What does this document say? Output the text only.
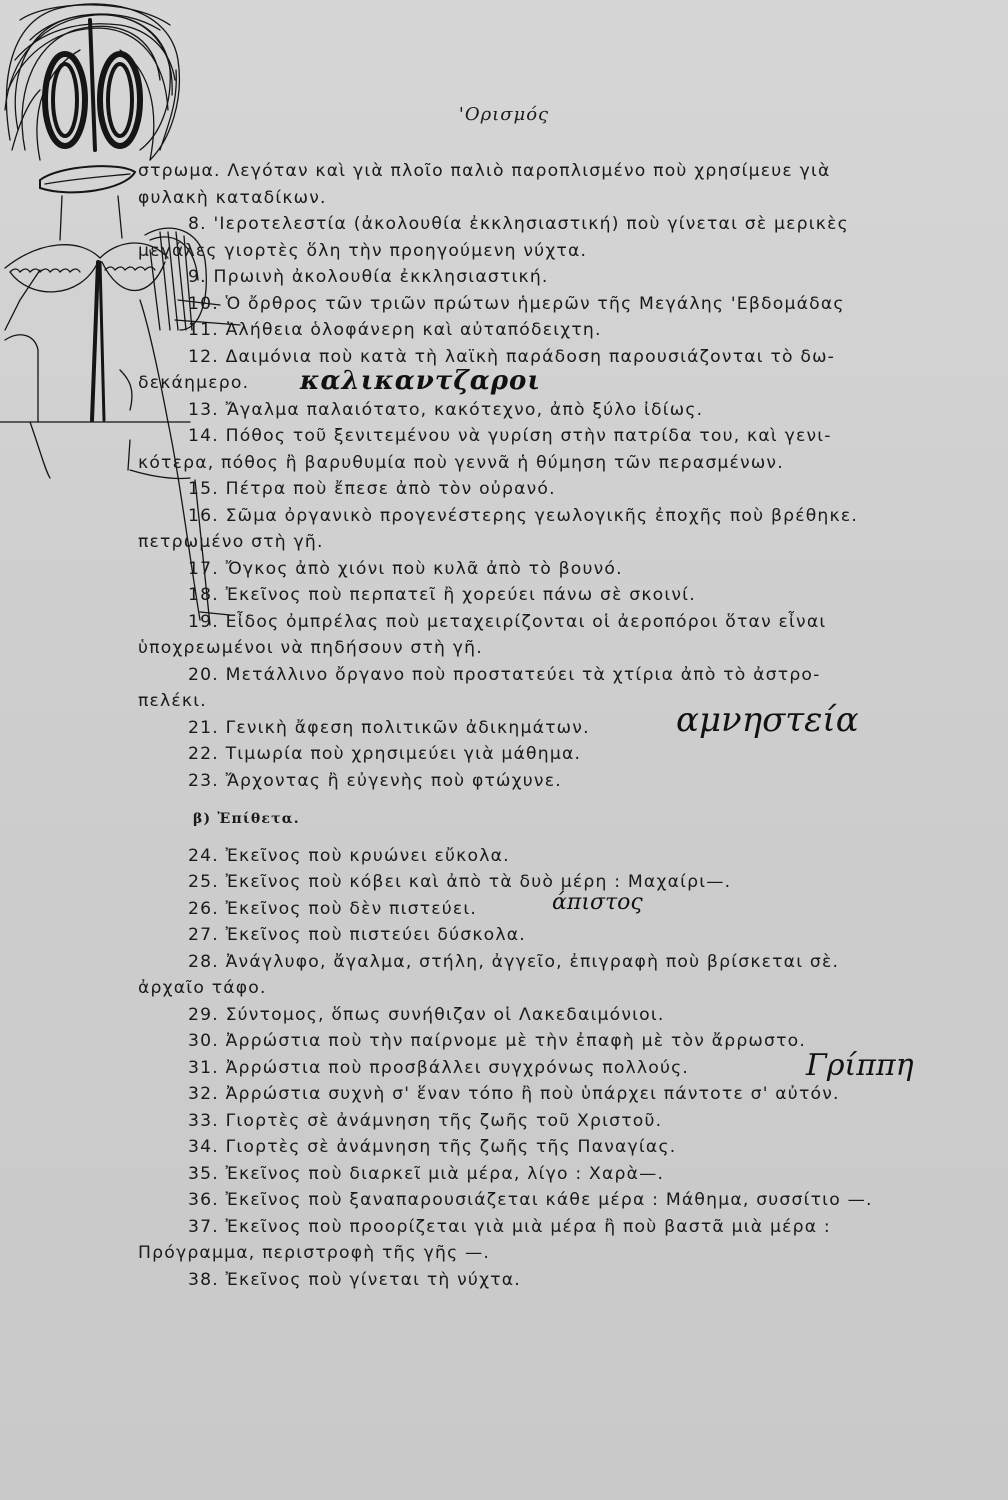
'Ορισμός
στρωμα. Λεγόταν καὶ γιὰ πλοῖο παλιὸ παροπλισμένο ποὺ χρησίμευε γιὰ
φυλακὴ καταδίκων.
8. 'Ιεροτελεστία (ἀκολουθία ἐκκλησιαστική) ποὺ γίνεται σὲ μερικὲς
μεγάλες γιορτὲς ὅλη τὴν προηγούμενη νύχτα.
9. Πρωινὴ ἀκολουθία ἐκκλησιαστική.
10. Ὁ ὄρθρος τῶν τριῶν πρώτων ἡμερῶν τῆς Μεγάλης 'Εβδομάδας
11. Ἀλήθεια ὁλοφάνερη καὶ αὐταπόδειχτη.
12. Δαιμόνια ποὺ κατὰ τὴ λαϊκὴ παράδοση παρουσιάζονται τὸ δω-
δεκάημερο.
13. Ἄγαλμα παλαιότατο, κακότεχνο, ἀπὸ ξύλο ἰδίως.
14. Πόθος τοῦ ξενιτεμένου νὰ γυρίση στὴν πατρίδα του, καὶ γενι-
κότερα, πόθος ἢ βαρυθυμία ποὺ γεννᾶ ἡ θύμηση τῶν περασμένων.
15. Πέτρα ποὺ ἔπεσε ἀπὸ τὸν οὐρανό.
16. Σῶμα ὀργανικὸ προγενέστερης γεωλογικῆς ἐποχῆς ποὺ βρέθηκε.
πετρωμένο στὴ γῆ.
17. Ὄγκος ἀπὸ χιόνι ποὺ κυλᾶ ἀπὸ τὸ βουνό.
18. Ἐκεῖνος ποὺ περπατεῖ ἢ χορεύει πάνω σὲ σκοινί.
19. Εἶδος ὀμπρέλας ποὺ μεταχειρίζονται οἱ ἀεροπόροι ὅταν εἶναι
ὑποχρεωμένοι νὰ πηδήσουν στὴ γῆ.
20. Μετάλλινο ὄργανο ποὺ προστατεύει τὰ χτίρια ἀπὸ τὸ ἀστρο-
πελέκι.
21. Γενικὴ ἄφεση πολιτικῶν ἀδικημάτων.
22. Τιμωρία ποὺ χρησιμεύει γιὰ μάθημα.
23. Ἄρχοντας ἢ εὐγενὴς ποὺ φτώχυνε.
β) Ἐπίθετα.
24. Ἐκεῖνος ποὺ κρυώνει εὔκολα.
25. Ἐκεῖνος ποὺ κόβει καὶ ἀπὸ τὰ δυὸ μέρη : Μαχαίρι—.
26. Ἐκεῖνος ποὺ δὲν πιστεύει.
27. Ἐκεῖνος ποὺ πιστεύει δύσκολα.
28. Ἀνάγλυφο, ἄγαλμα, στήλη, ἀγγεῖο, ἐπιγραφὴ ποὺ βρίσκεται σὲ.
ἀρχαῖο τάφο.
29. Σύντομος, ὅπως συνήθιζαν οἱ Λακεδαιμόνιοι.
30. Ἀρρώστια ποὺ τὴν παίρνομε μὲ τὴν ἐπαφὴ μὲ τὸν ἄρρωστο.
31. Ἀρρώστια ποὺ προσβάλλει συγχρόνως πολλούς.
32. Ἀρρώστια συχνὴ σ' ἕναν τόπο ἢ ποὺ ὑπάρχει πάντοτε σ' αὐτόν.
33. Γιορτὲς σὲ ἀνάμνηση τῆς ζωῆς τοῦ Χριστοῦ.
34. Γιορτὲς σὲ ἀνάμνηση τῆς ζωῆς τῆς Παναγίας.
35. Ἐκεῖνος ποὺ διαρκεῖ μιὰ μέρα, λίγο : Χαρὰ—.
36. Ἐκεῖνος ποὺ ξαναπαρουσιάζεται κάθε μέρα : Μάθημα, συσσίτιο —.
37. Ἐκεῖνος ποὺ προορίζεται γιὰ μιὰ μέρα ἢ ποὺ βαστᾶ μιὰ μέρα :
Πρόγραμμα, περιστροφὴ τῆς γῆς —.
38. Ἐκεῖνος ποὺ γίνεται τὴ νύχτα.
καλικαντζαροι
αμνηστεία
άπιστος
Γρίππη
